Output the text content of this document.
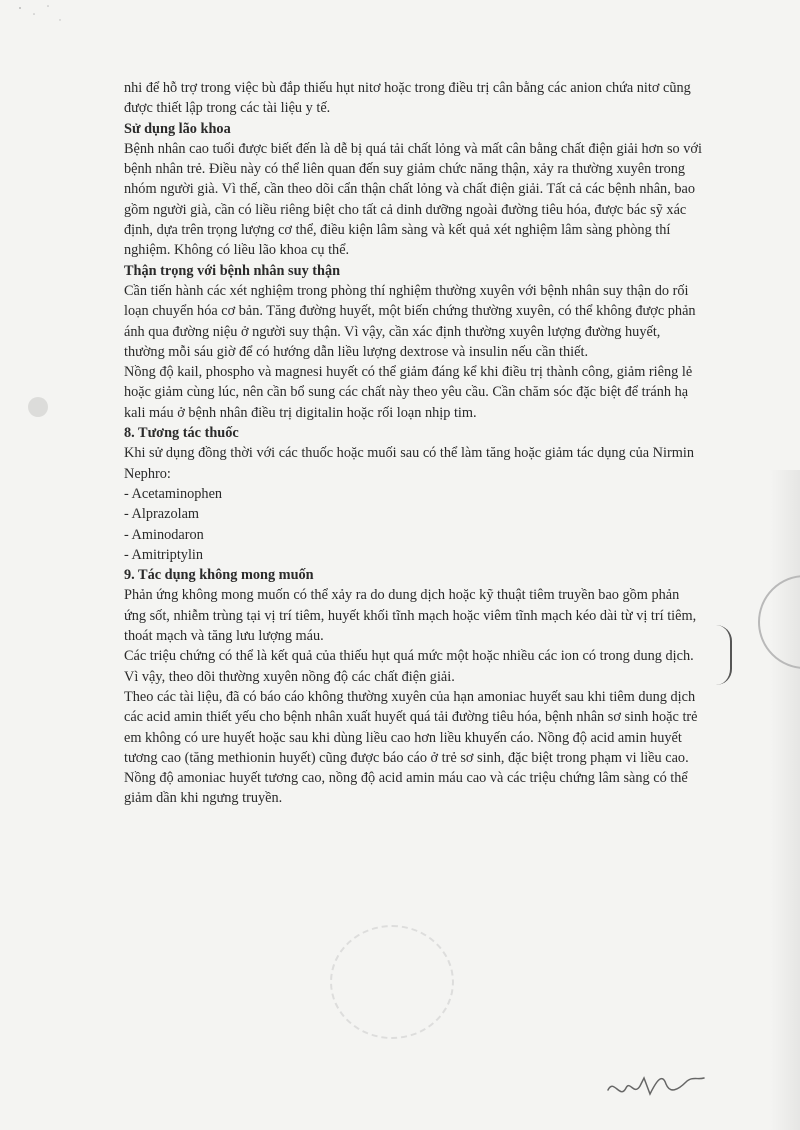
nhi để hỗ trợ trong việc bù đắp thiếu hụt nitơ hoặc trong điều trị cân bằng các anion chứa nitơ cũng được thiết lập trong các tài liệu y tế.

Sử dụng lão khoa

Bệnh nhân cao tuổi được biết đến là dễ bị quá tải chất lỏng và mất cân bằng chất điện giải hơn so với bệnh nhân trẻ. Điều này có thể liên quan đến suy giảm chức năng thận, xảy ra thường xuyên trong nhóm người già. Vì thế, cần theo dõi cẩn thận chất lỏng và chất điện giải. Tất cả các bệnh nhân, bao gồm người già, cần có liều riêng biệt cho tất cả dinh dưỡng ngoài đường tiêu hóa, được bác sỹ xác định, dựa trên trọng lượng cơ thể, điều kiện lâm sàng và kết quả xét nghiệm lâm sàng phòng thí nghiệm. Không có liều lão khoa cụ thể.

Thận trọng với bệnh nhân suy thận

Cần tiến hành các xét nghiệm trong phòng thí nghiệm thường xuyên với bệnh nhân suy thận do rối loạn chuyển hóa cơ bản. Tăng đường huyết, một biến chứng thường xuyên, có thể không được phản ánh qua đường niệu ở người suy thận. Vì vậy, cần xác định thường xuyên lượng đường huyết, thường mỗi sáu giờ để có hướng dẫn liều lượng dextrose và insulin nếu cần thiết.

Nồng độ kail, phospho và magnesi huyết có thể giảm đáng kể khi điều trị thành công, giảm riêng lẻ hoặc giảm cùng lúc, nên cần bổ sung các chất này theo yêu cầu. Cần chăm sóc đặc biệt để tránh hạ kali máu ở bệnh nhân điều trị digitalin hoặc rối loạn nhịp tim.

8. Tương tác thuốc

Khi sử dụng đồng thời với các thuốc hoặc muối sau có thể làm tăng hoặc giảm tác dụng của Nirmin Nephro:

- Acetaminophen

- Alprazolam

- Aminodaron

- Amitriptylin

9. Tác dụng không mong muốn

Phản ứng không mong muốn có thể xảy ra do dung dịch hoặc kỹ thuật tiêm truyền bao gồm phản ứng sốt, nhiễm trùng tại vị trí tiêm, huyết khối tĩnh mạch hoặc viêm tĩnh mạch kéo dài từ vị trí tiêm, thoát mạch và tăng lưu lượng máu.

Các triệu chứng có thể là kết quả của thiếu hụt quá mức một hoặc nhiều các ion có trong dung dịch. Vì vậy, theo dõi thường xuyên nồng độ các chất điện giải.

Theo các tài liệu, đã có báo cáo không thường xuyên của hạn amoniac huyết sau khi tiêm dung dịch các acid amin thiết yếu cho bệnh nhân xuất huyết quá tải đường tiêu hóa, bệnh nhân sơ sinh hoặc trẻ em không có ure huyết hoặc sau khi dùng liều cao hơn liều khuyến cáo. Nồng độ acid amin huyết tương cao (tăng methionin huyết) cũng được báo cáo ở trẻ sơ sinh, đặc biệt trong phạm vi liều cao. Nồng độ amoniac huyết tương cao, nồng độ acid amin máu cao và các triệu chứng lâm sàng có thể giảm dần khi ngưng truyền.
